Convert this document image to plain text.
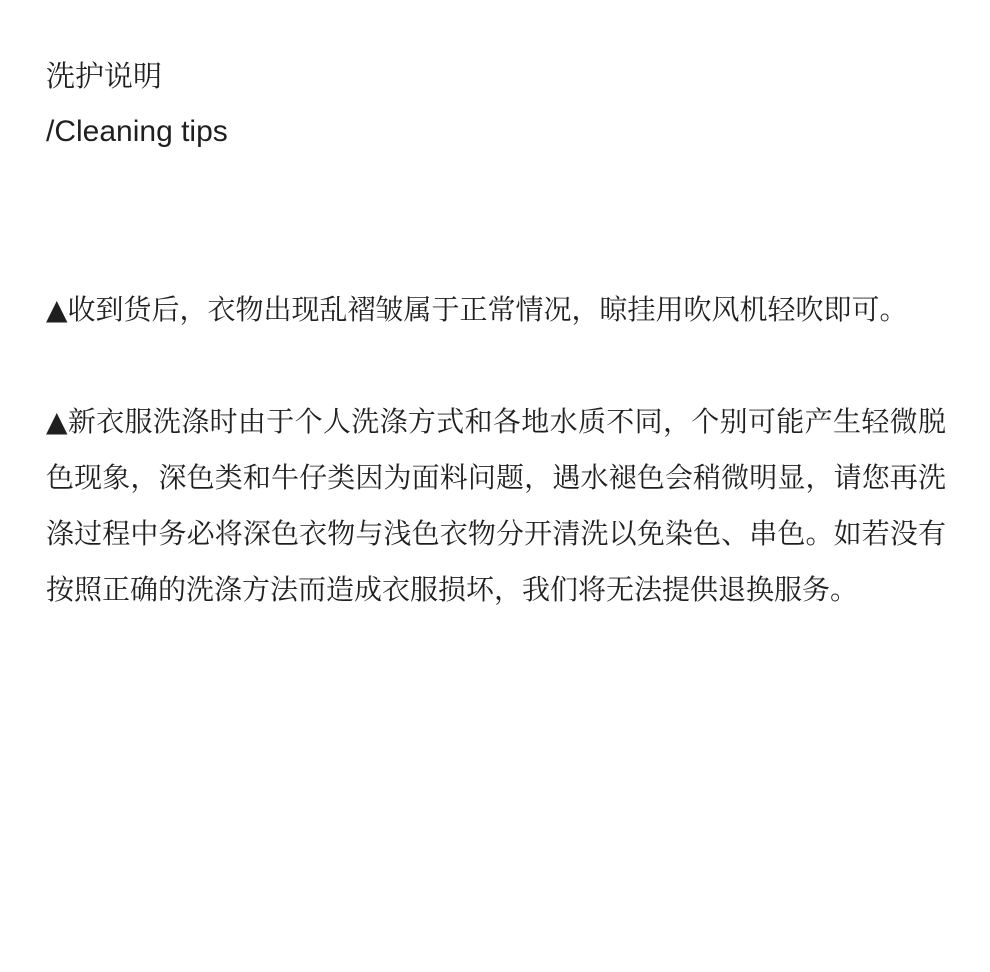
洗护说明
/Cleaning tips

▲收到货后，衣物出现乱褶皱属于正常情况，晾挂用吹风机轻吹即可。

▲新衣服洗涤时由于个人洗涤方式和各地水质不同，个别可能产生轻微脱色现象，深色类和牛仔类因为面料问题，遇水褪色会稍微明显，请您再洗涤过程中务必将深色衣物与浅色衣物分开清洗以免染色、串色。如若没有按照正确的洗涤方法而造成衣服损坏，我们将无法提供退换服务。
